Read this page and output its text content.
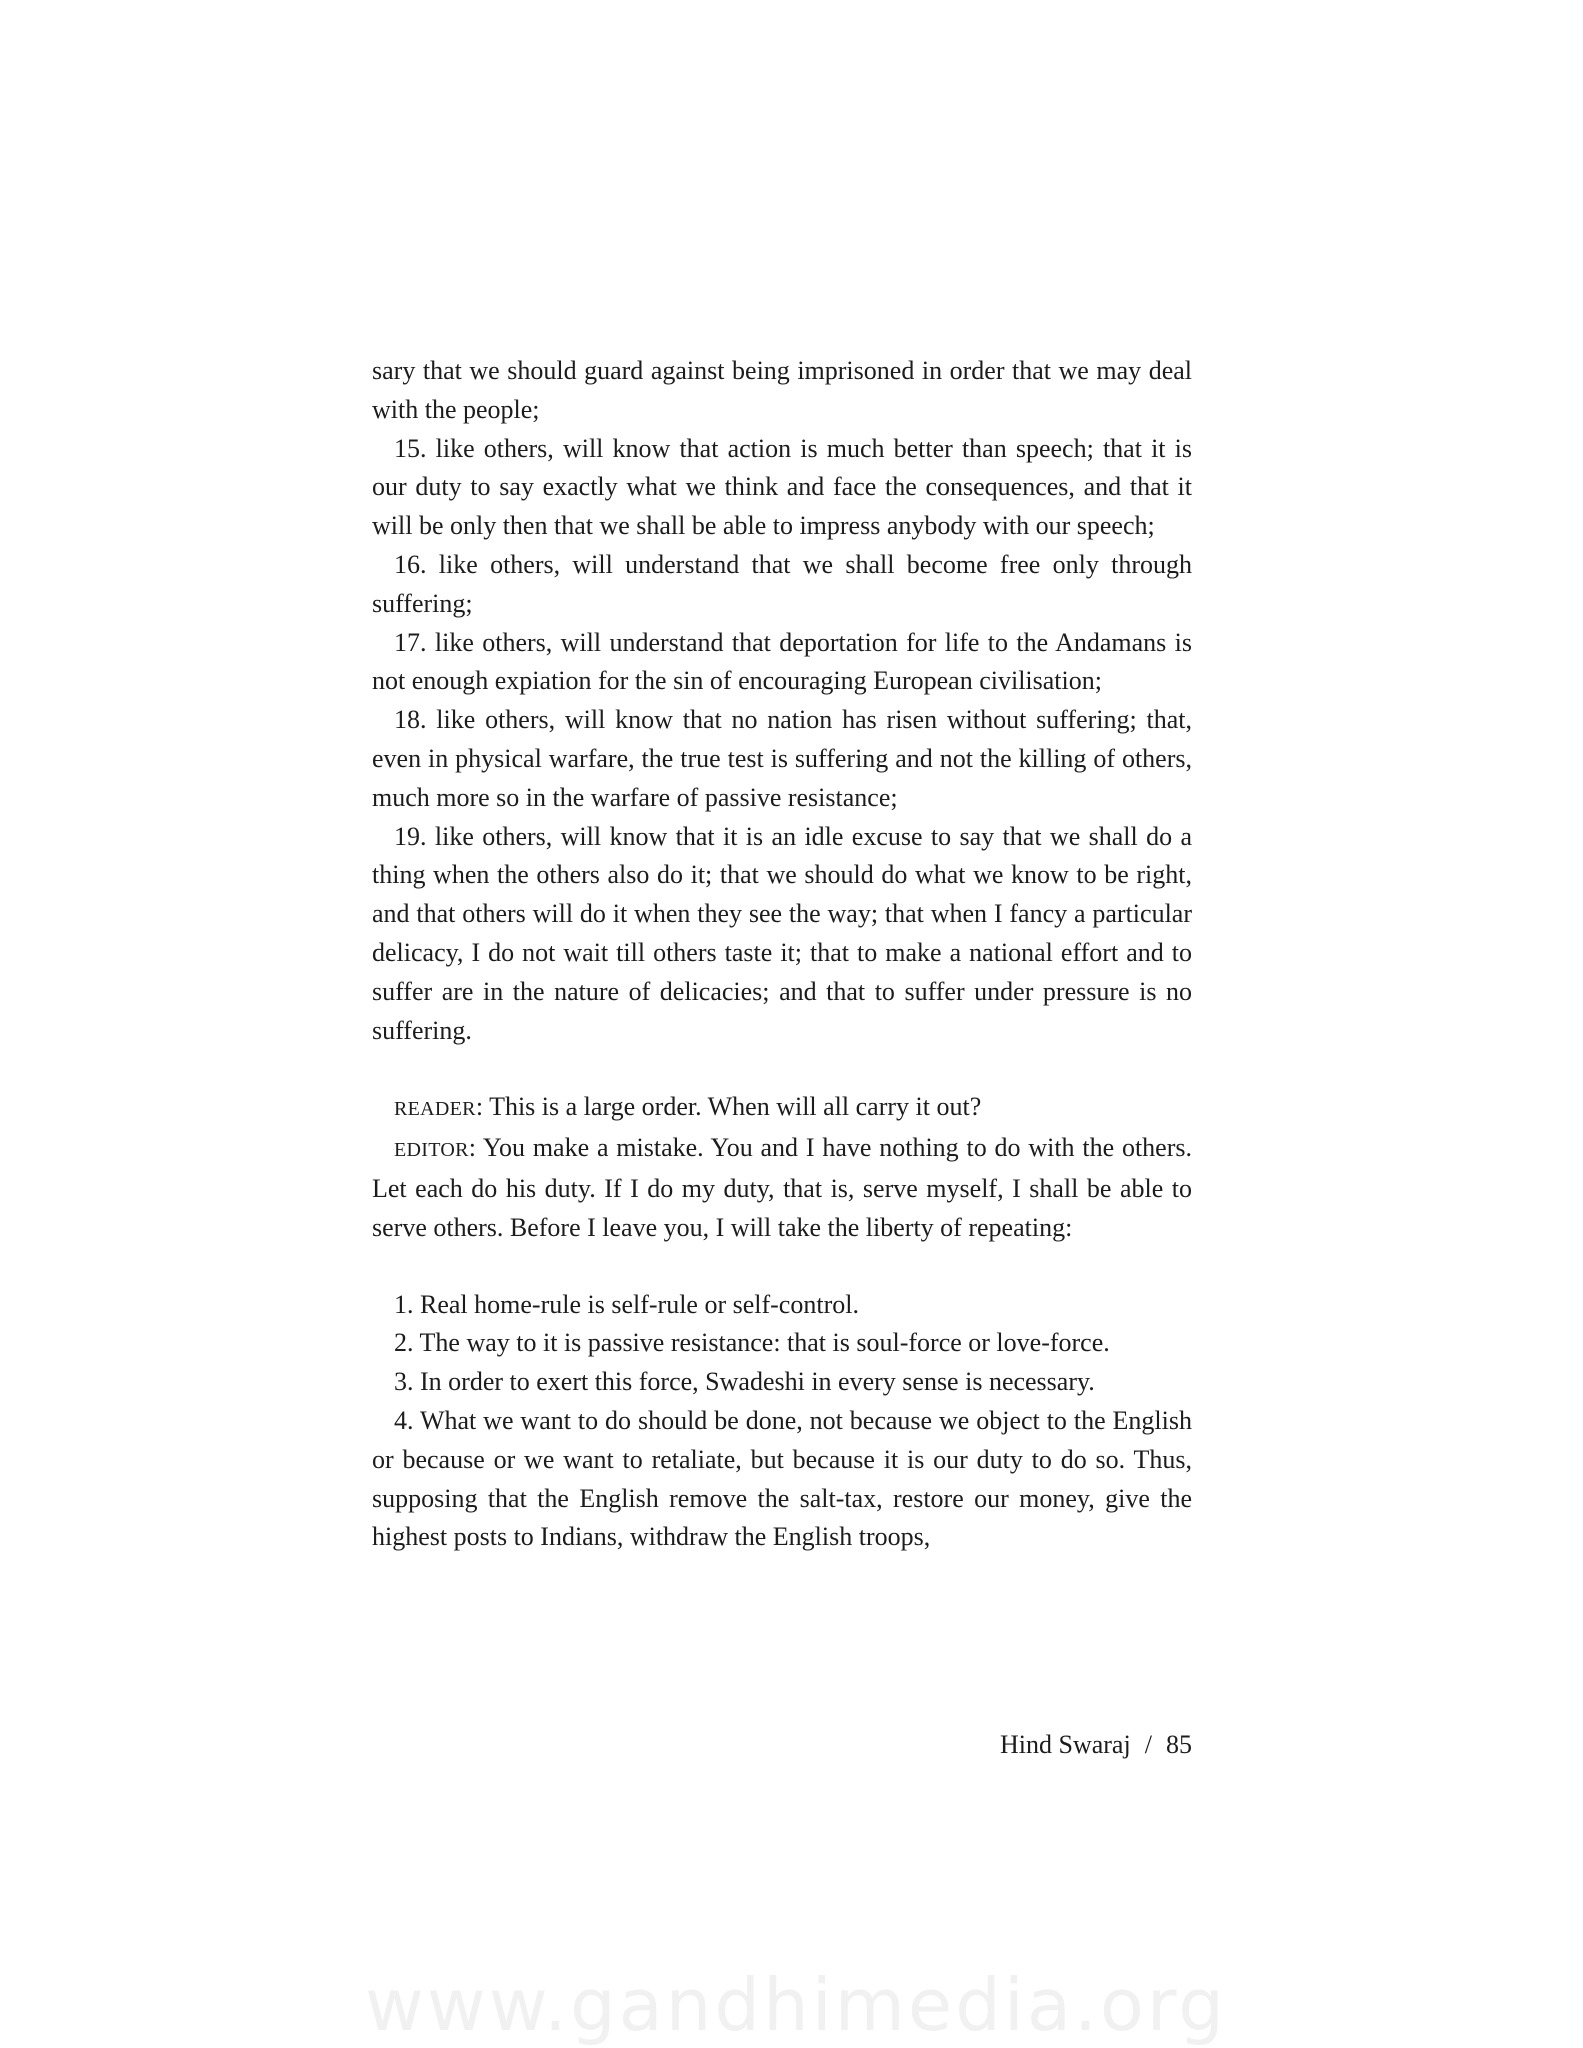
sary that we should guard against being imprisoned in order that we may deal with the people;

15. like others, will know that action is much better than speech; that it is our duty to say exactly what we think and face the consequences, and that it will be only then that we shall be able to impress anybody with our speech;

16. like others, will understand that we shall become free only through suffering;

17. like others, will understand that deportation for life to the Andamans is not enough expiation for the sin of encouraging European civilisation;

18. like others, will know that no nation has risen without suffering; that, even in physical warfare, the true test is suffering and not the killing of others, much more so in the warfare of passive resistance;

19. like others, will know that it is an idle excuse to say that we shall do a thing when the others also do it; that we should do what we know to be right, and that others will do it when they see the way; that when I fancy a particular delicacy, I do not wait till others taste it; that to make a national effort and to suffer are in the nature of delicacies; and that to suffer under pressure is no suffering.

READER: This is a large order. When will all carry it out?

EDITOR: You make a mistake. You and I have nothing to do with the others. Let each do his duty. If I do my duty, that is, serve myself, I shall be able to serve others. Before I leave you, I will take the liberty of repeating:

1. Real home-rule is self-rule or self-control.

2. The way to it is passive resistance: that is soul-force or love-force.

3. In order to exert this force, Swadeshi in every sense is necessary.

4. What we want to do should be done, not because we object to the English or because or we want to retaliate, but because it is our duty to do so. Thus, supposing that the English remove the salt-tax, restore our money, give the highest posts to Indians, withdraw the English troops,

Hind Swaraj / 85
www.gandhimedia.org
